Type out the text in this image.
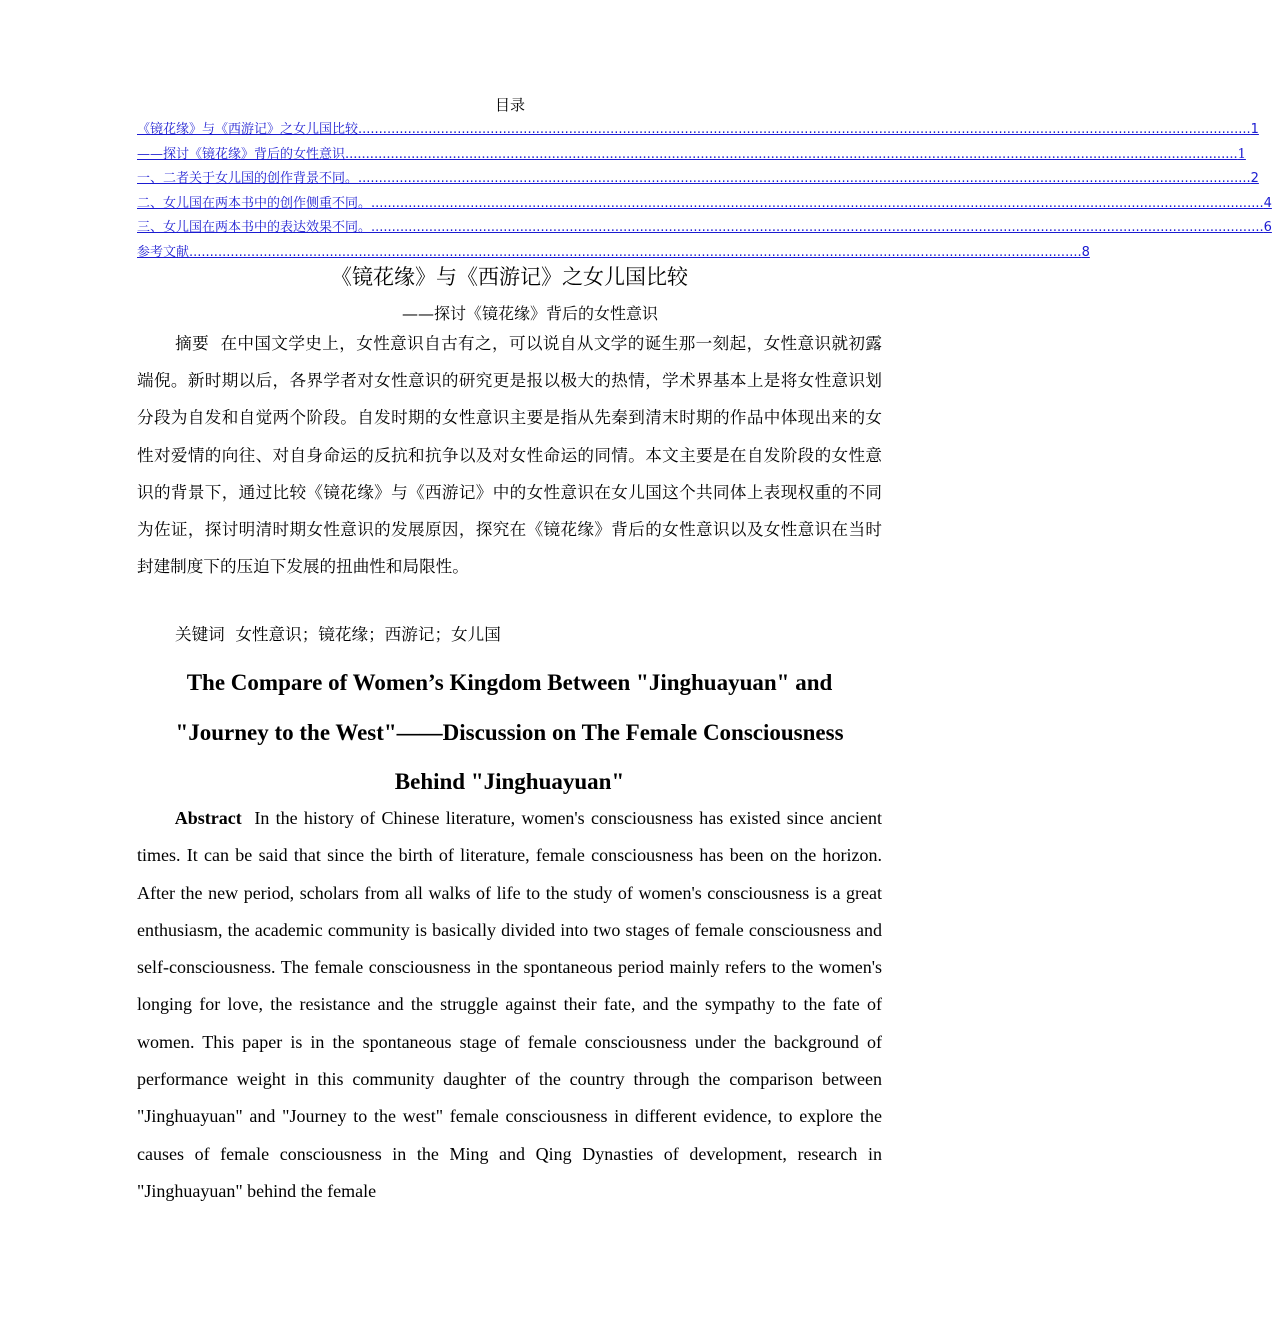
目录
《镜花缘》与《西游记》之女儿国比较 ........................................................................................................................................................................................................................ 1
——探讨《镜花缘》背后的女性意识 ........................................................................................................................................................................................................................ 1
一、二者关于女儿国的创作背景不同。 ........................................................................................................................................................................................................................ 2
二、女儿国在两本书中的创作侧重不同。 ........................................................................................................................................................................................................................ 4
三、女儿国在两本书中的表达效果不同。 ........................................................................................................................................................................................................................ 6
参考文献 ........................................................................................................................................................................................................................ 8
《镜花缘》与《西游记》之女儿国比较
——探讨《镜花缘》背后的女性意识

摘要 在中国文学史上，女性意识自古有之，可以说自从文学的诞生那一刻起，女性意识就初露端倪。新时期以后，各界学者对女性意识的研究更是报以极大的热情，学术界基本上是将女性意识划分段为自发和自觉两个阶段。自发时期的女性意识主要是指从先秦到清末时期的作品中体现出来的女性对爱情的向往、对自身命运的反抗和抗争以及对女性命运的同情。本文主要是在自发阶段的女性意识的背景下，通过比较《镜花缘》与《西游记》中的女性意识在女儿国这个共同体上表现权重的不同为佐证，探讨明清时期女性意识的发展原因，探究在《镜花缘》背后的女性意识以及女性意识在当时封建制度下的压迫下发展的扭曲性和局限性。

关键词 女性意识；镜花缘；西游记；女儿国
The Compare of Women’s Kingdom Between "Jinghuayuan" and
"Journey to the West"——Discussion on The Female Consciousness
Behind "Jinghuayuan"

Abstract In the history of Chinese literature, women's consciousness has existed since ancient times. It can be said that since the birth of literature, female consciousness has been on the horizon. After the new period, scholars from all walks of life to the study of women's consciousness is a great enthusiasm, the academic community is basically divided into two stages of female consciousness and self-consciousness. The female consciousness in the spontaneous period mainly refers to the women's longing for love, the resistance and the struggle against their fate, and the sympathy to the fate of women. This paper is in the spontaneous stage of female consciousness under the background of performance weight in this community daughter of the country through the comparison between "Jinghuayuan" and "Journey to the west" female consciousness in different evidence, to explore the causes of female consciousness in the Ming and Qing Dynasties of development, research in "Jinghuayuan" behind the female
